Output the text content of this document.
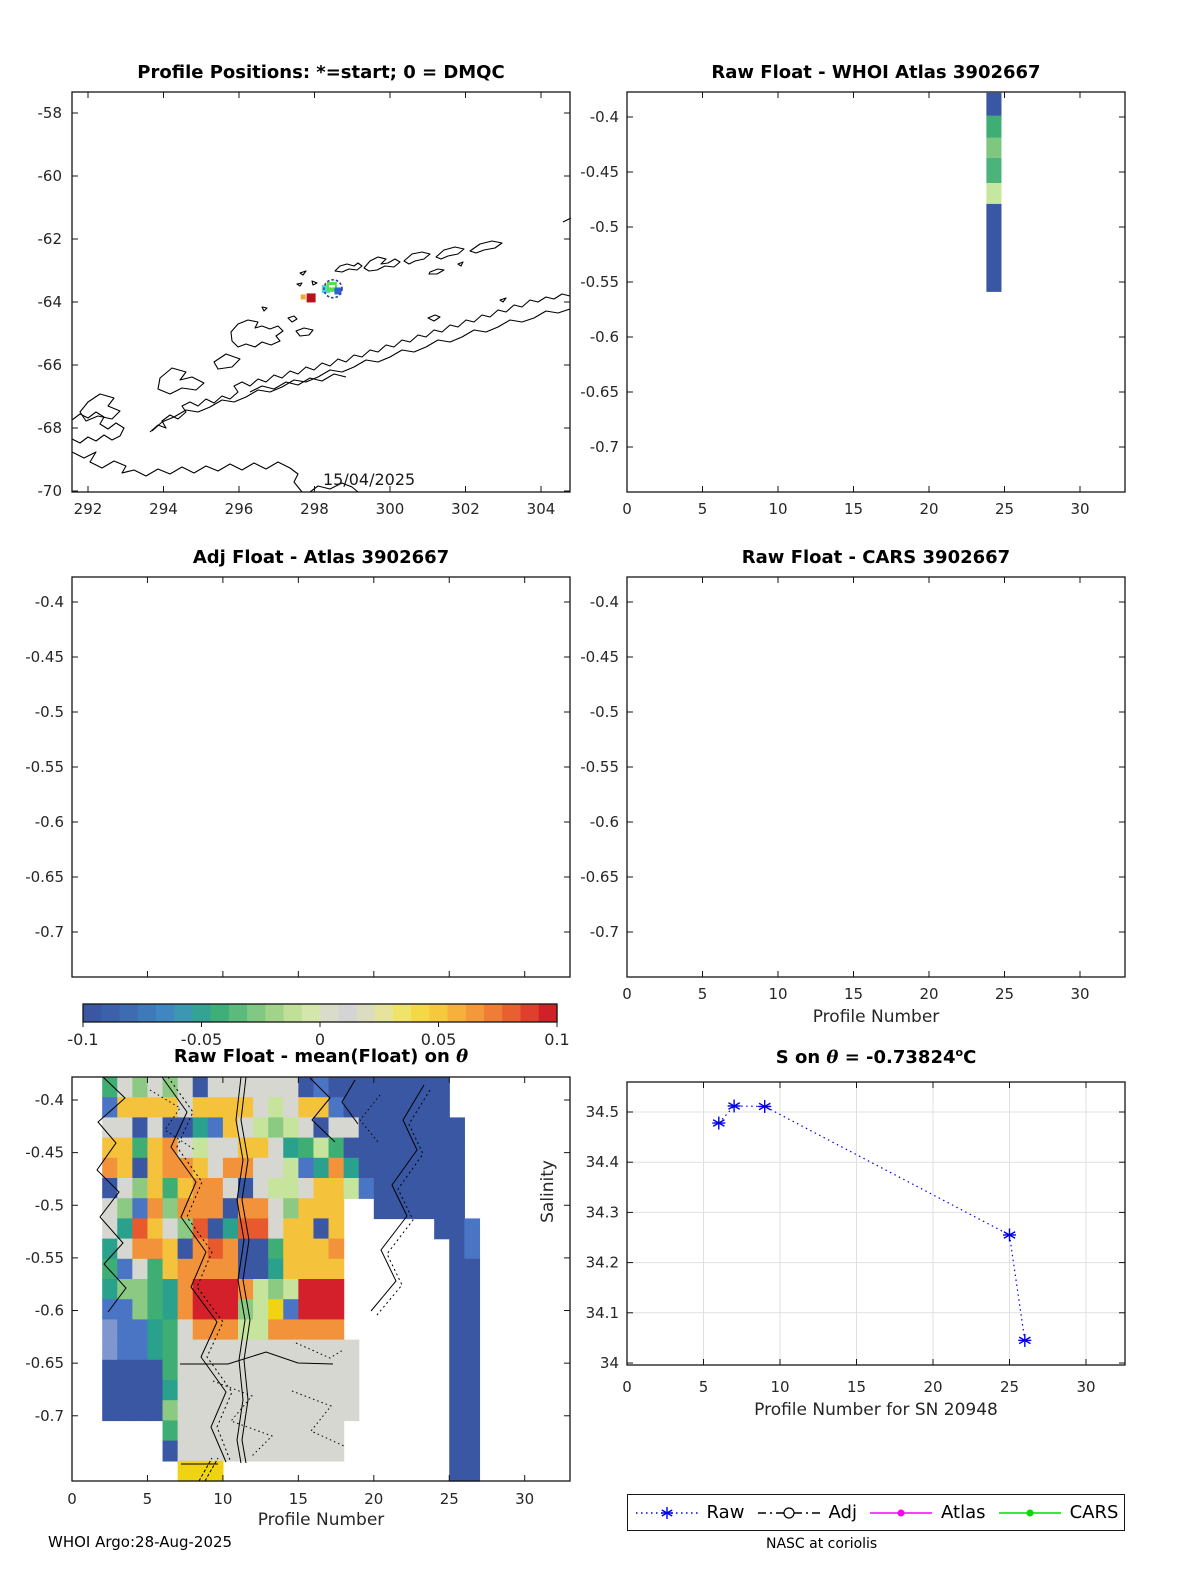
292	294	296	298	300	302	304
-58
-60
-62
-64
-66
-68
-70
0	5	10	15	20	25	30
-0.4
-0.45
-0.5
-0.55
-0.6
-0.65
-0.7
-0.4
-0.45
-0.5
-0.55
-0.6
-0.65
-0.7
0	5	10	15	20	25	30
-0.4
-0.45
-0.5
-0.55
-0.6
-0.65
-0.7
-0.1	-0.05	0	0.05	0.1
0	5	10	15	20	25	30
-0.4
-0.45
-0.5
-0.55
-0.6
-0.65
-0.7
0	5	10	15	20	25	30
34.5
34.4
34.3
34.2
34.1
34
Profile Positions: *=start; 0 = DMQC	Raw Float - WHOI Atlas 3902667
Adj Float - Atlas 3902667	Raw Float - CARS 3902667
Raw Float - mean(Float) on θ	S on $\theta = -0.73824^oC$
Profile Number
Profile Number
Profile Number for SN 20948
Salinity
15/04/2025
WHOI Argo:28-Aug-2025	NASC at coriolis
Raw	Adj	Atlas	CARS
